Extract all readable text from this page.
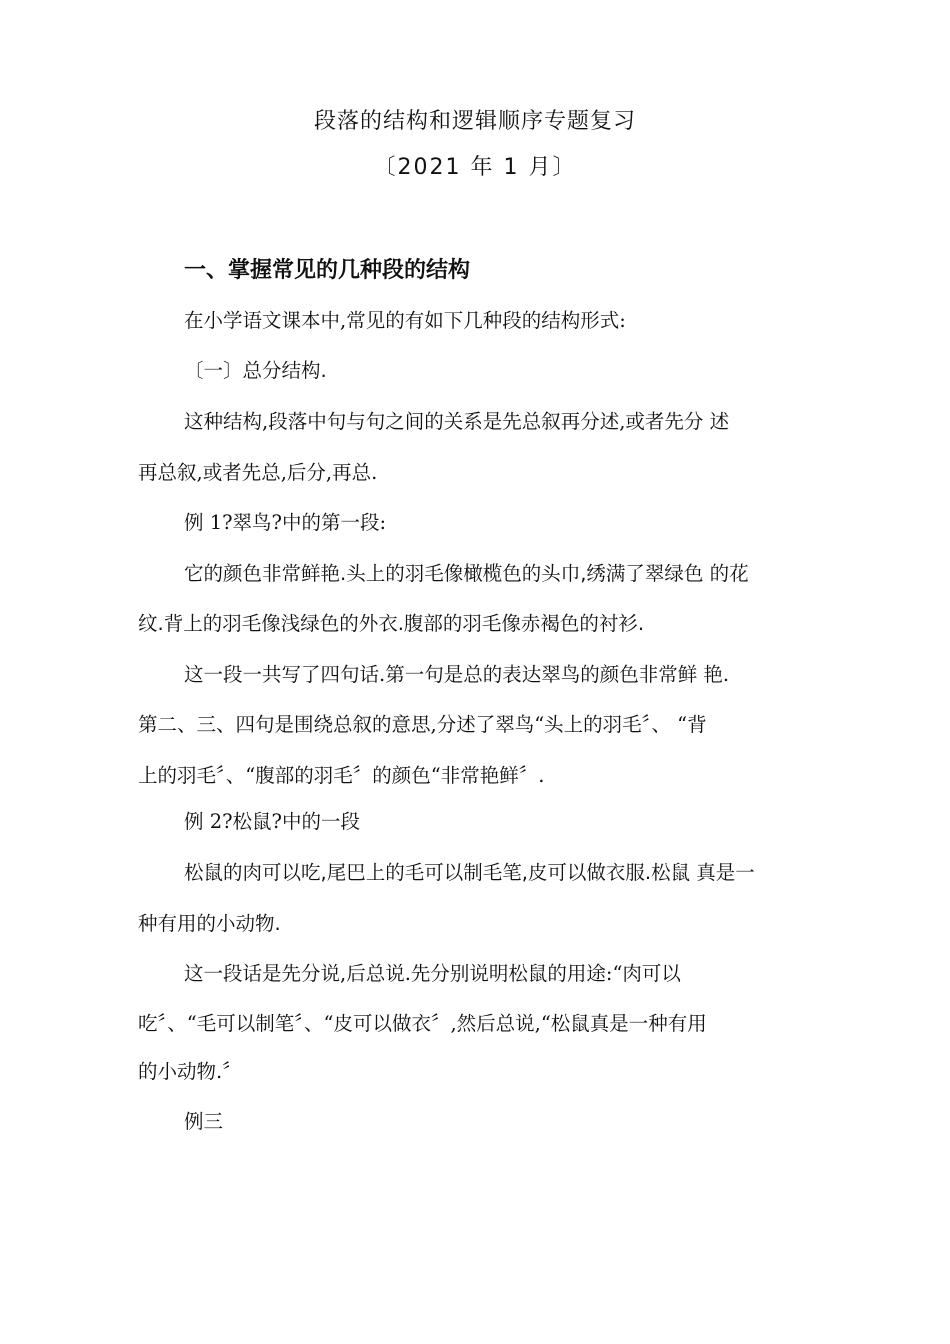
段落的结构和逻辑顺序专题复习
〔2021 年 1 月〕
一、掌握常见的几种段的结构

在小学语文课本中,常见的有如下几种段的结构形式:

〔一〕总分结构.

这种结构,段落中句与句之间的关系是先总叙再分述,或者先分 述

再总叙,或者先总,后分,再总.

例 1?翠鸟?中的第一段:

它的颜色非常鲜艳.头上的羽毛像橄榄色的头巾,绣满了翠绿色 的花

纹.背上的羽毛像浅绿色的外衣.腹部的羽毛像赤褐色的衬衫.

这一段一共写了四句话.第一句是总的表达翠鸟的颜色非常鲜 艳.

第二、三、四句是围绕总叙的意思,分述了翠鸟“头上的羽毛〞、 “背

上的羽毛〞、“腹部的羽毛〞的颜色“非常艳鲜〞.

例 2?松鼠?中的一段

松鼠的肉可以吃,尾巴上的毛可以制毛笔,皮可以做衣服.松鼠 真是一

种有用的小动物.

这一段话是先分说,后总说.先分别说明松鼠的用途:“肉可以

吃〞、“毛可以制笔〞、“皮可以做衣〞,然后总说,“松鼠真是一种有用

的小动物.〞

例三
